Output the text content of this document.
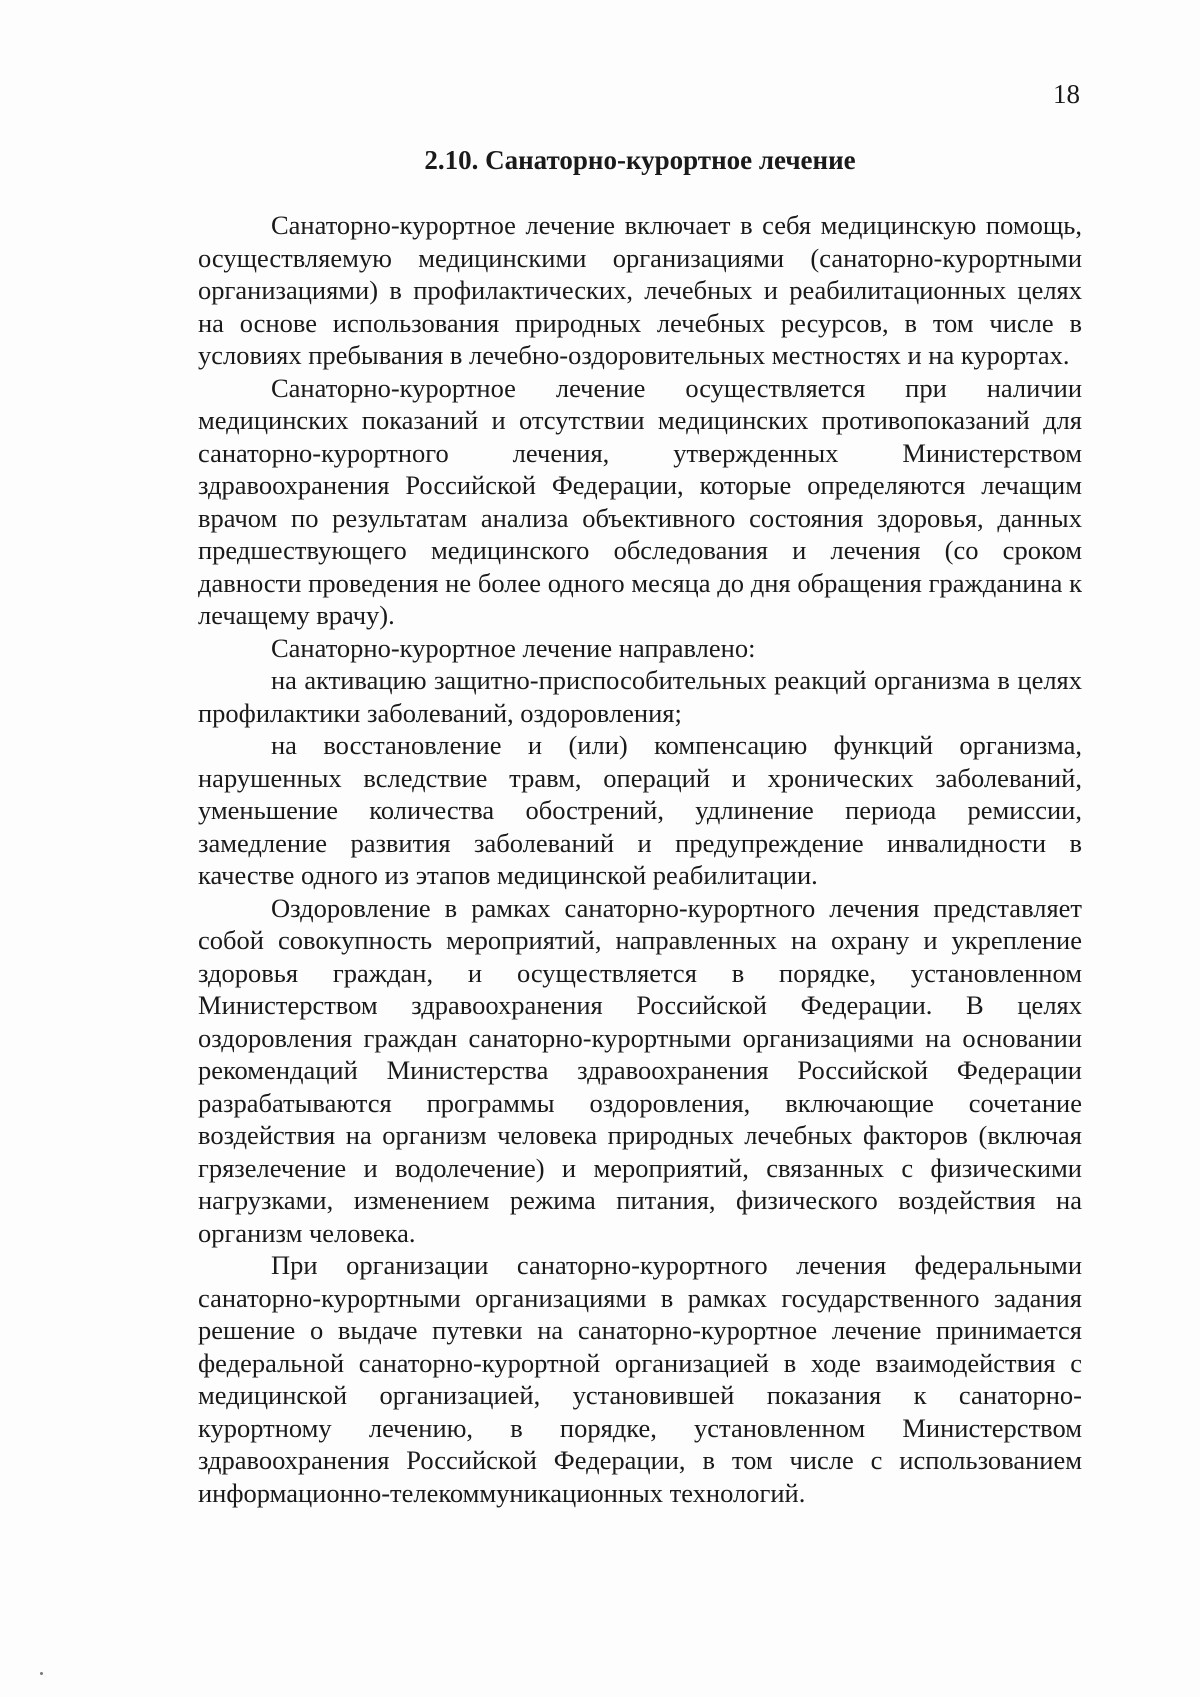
18
2.10. Санаторно-курортное лечение

Санаторно-курортное лечение включает в себя медицинскую помощь, осуществляемую медицинскими организациями (санаторно-курортными организациями) в профилактических, лечебных и реабилитационных целях на основе использования природных лечебных ресурсов, в том числе в условиях пребывания в лечебно-оздоровительных местностях и на курортах.

Санаторно-курортное лечение осуществляется при наличии медицинских показаний и отсутствии медицинских противопоказаний для санаторно-курортного лечения, утвержденных Министерством здравоохранения Российской Федерации, которые определяются лечащим врачом по результатам анализа объективного состояния здоровья, данных предшествующего медицинского обследования и лечения (со сроком давности проведения не более одного месяца до дня обращения гражданина к лечащему врачу).

Санаторно-курортное лечение направлено:

на активацию защитно-приспособительных реакций организма в целях профилактики заболеваний, оздоровления;

на восстановление и (или) компенсацию функций организма, нарушенных вследствие травм, операций и хронических заболеваний, уменьшение количества обострений, удлинение периода ремиссии, замедление развития заболеваний и предупреждение инвалидности в качестве одного из этапов медицинской реабилитации.

Оздоровление в рамках санаторно-курортного лечения представляет собой совокупность мероприятий, направленных на охрану и укрепление здоровья граждан, и осуществляется в порядке, установленном Министерством здравоохранения Российской Федерации. В целях оздоровления граждан санаторно-курортными организациями на основании рекомендаций Министерства здравоохранения Российской Федерации разрабатываются программы оздоровления, включающие сочетание воздействия на организм человека природных лечебных факторов (включая грязелечение и водолечение) и мероприятий, связанных с физическими нагрузками, изменением режима питания, физического воздействия на организм человека.

При организации санаторно-курортного лечения федеральными санаторно-курортными организациями в рамках государственного задания решение о выдаче путевки на санаторно-курортное лечение принимается федеральной санаторно-курортной организацией в ходе взаимодействия с медицинской организацией, установившей показания к санаторно-курортному лечению, в порядке, установленном Министерством здравоохранения Российской Федерации, в том числе с использованием информационно-телекоммуникационных технологий.
